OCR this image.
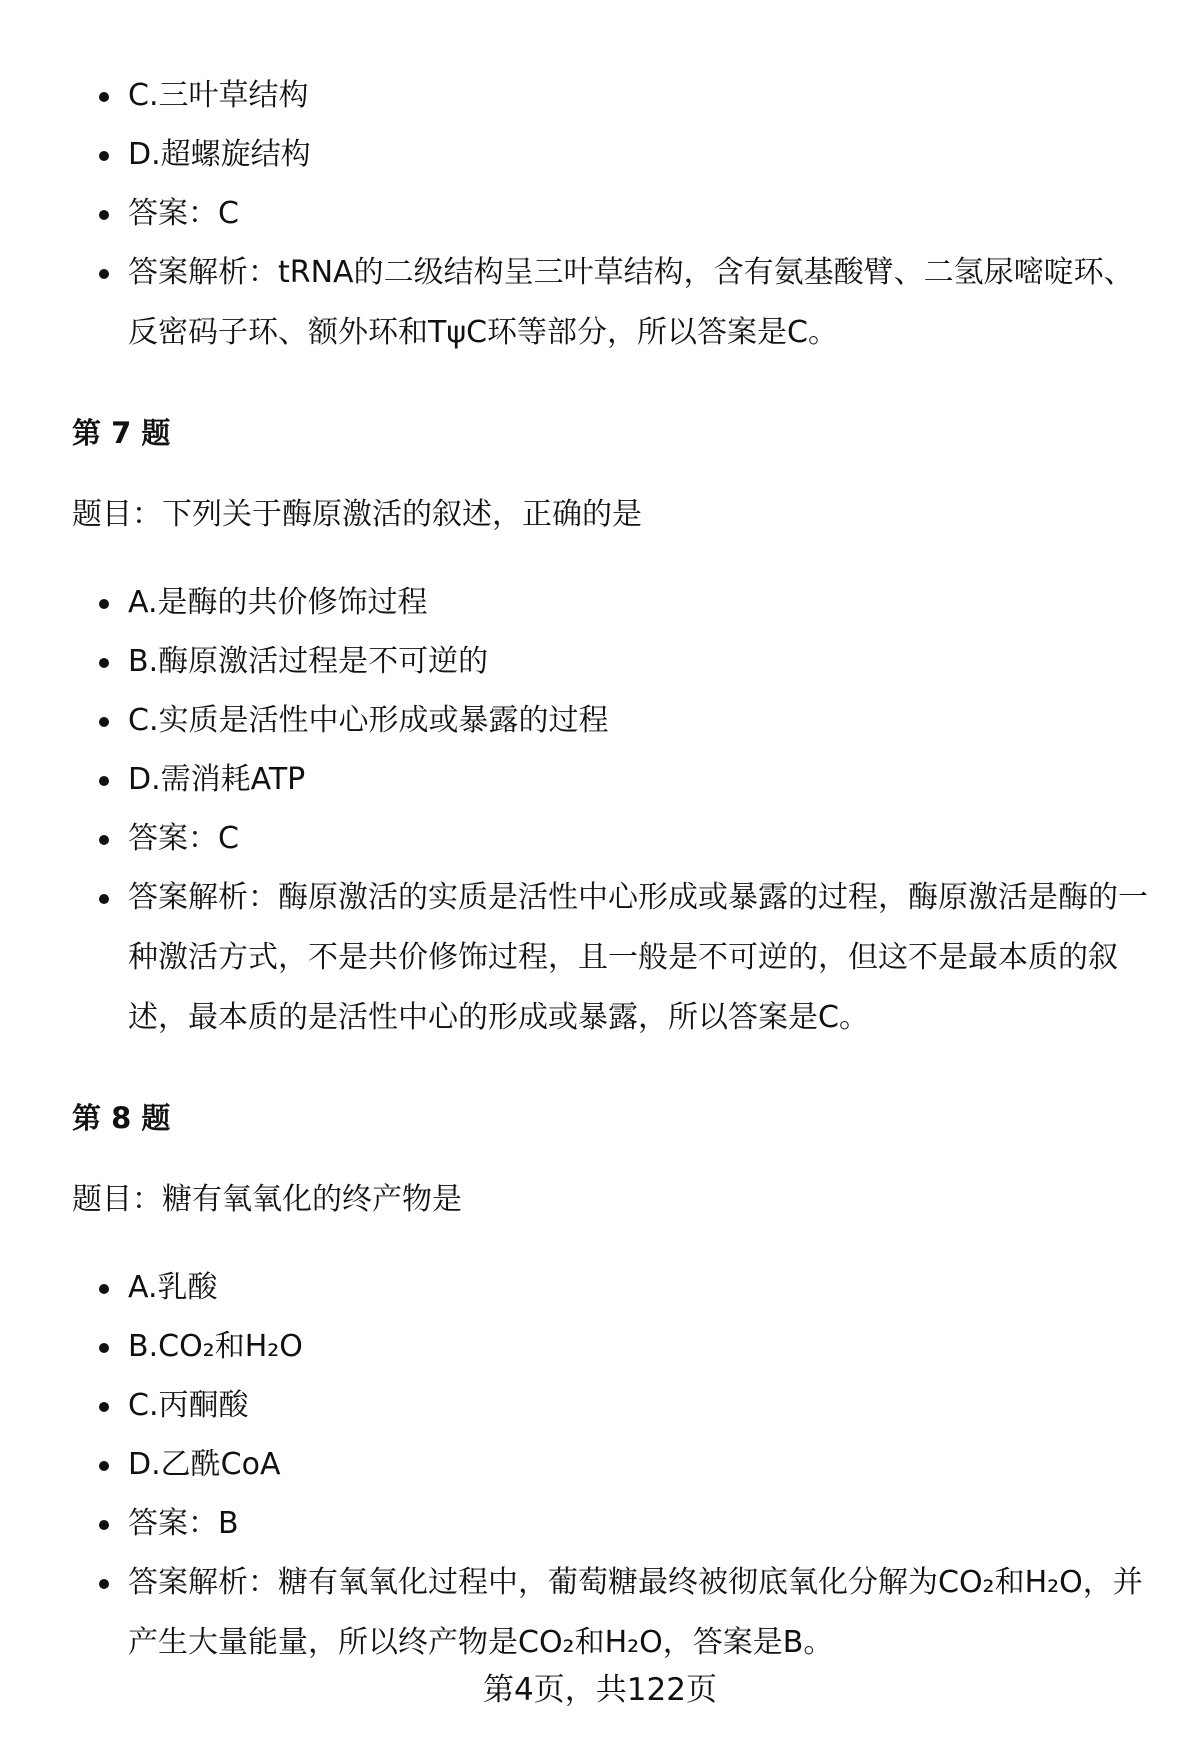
C.三叶草结构
D.超螺旋结构
答案：C
答案解析：tRNA的二级结构呈三叶草结构，含有氨基酸臂、二氢尿嘧啶环、反密码子环、额外环和TψC环等部分，所以答案是C。
第 7 题
题目：下列关于酶原激活的叙述，正确的是
A.是酶的共价修饰过程
B.酶原激活过程是不可逆的
C.实质是活性中心形成或暴露的过程
D.需消耗ATP
答案：C
答案解析：酶原激活的实质是活性中心形成或暴露的过程，酶原激活是酶的一种激活方式，不是共价修饰过程，且一般是不可逆的，但这不是最本质的叙述，最本质的是活性中心的形成或暴露，所以答案是C。
第 8 题
题目：糖有氧氧化的终产物是
A.乳酸
B.CO₂和H₂O
C.丙酮酸
D.乙酰CoA
答案：B
答案解析：糖有氧氧化过程中，葡萄糖最终被彻底氧化分解为CO₂和H₂O，并产生大量能量，所以终产物是CO₂和H₂O，答案是B。
第4页，共122页
